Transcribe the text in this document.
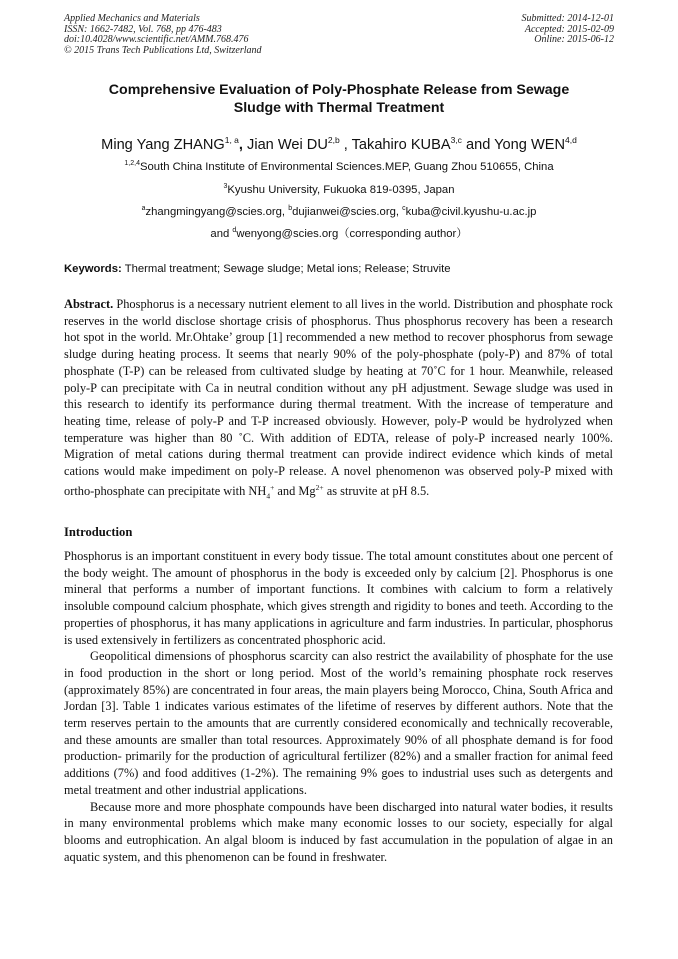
Applied Mechanics and Materials
ISSN: 1662-7482, Vol. 768, pp 476-483
doi:10.4028/www.scientific.net/AMM.768.476
© 2015 Trans Tech Publications Ltd, Switzerland
Submitted: 2014-12-01
Accepted: 2015-02-09
Online: 2015-06-12
Comprehensive Evaluation of Poly-Phosphate Release from Sewage
Sludge with Thermal Treatment
Ming Yang ZHANG$^{1, a}$, Jian Wei DU$^{2,b}$ , Takahiro KUBA$^{3,c}$ and Yong WEN$^{4,d}$
$^{1,2,4}$South China Institute of Environmental Sciences.MEP, Guang Zhou 510655, China
$^3$Kyushu University, Fukuoka 819-0395, Japan
$^a$zhangmingyang@scies.org, $^b$dujianwei@scies.org, $^c$kuba@civil.kyushu-u.ac.jp
and $^d$wenyong@scies.org（corresponding author）
Keywords: Thermal treatment; Sewage sludge; Metal ions; Release; Struvite

Abstract. Phosphorus is a necessary nutrient element to all lives in the world. Distribution and phosphate rock reserves in the world disclose shortage crisis of phosphorus. Thus phosphorus recovery has been a research hot spot in the world. Mr.Ohtake’ group [1] recommended a new method to recover phosphorus from sewage sludge during heating process. It seems that nearly 90% of the poly-phosphate (poly-P) and 87% of total phosphate (T-P) can be released from cultivated sludge by heating at 70˚C for 1 hour. Meanwhile, released poly-P can precipitate with Ca in neutral condition without any pH adjustment. Sewage sludge was used in this research to identify its performance during thermal treatment. With the increase of temperature and heating time, release of poly-P and T-P increased obviously. However, poly-P would be hydrolyzed when temperature was higher than 80 ˚C. With addition of EDTA, release of poly-P increased nearly 100%. Migration of metal cations during thermal treatment can provide indirect evidence which kinds of metal cations would make impediment on poly-P release. A novel phenomenon was observed poly-P mixed with ortho-phosphate can precipitate with $NH_4^+$ and $Mg^{2+}$ as struvite at pH 8.5.

Introduction

Phosphorus is an important constituent in every body tissue. The total amount constitutes about one percent of the body weight. The amount of phosphorus in the body is exceeded only by calcium [2]. Phosphorus is one mineral that performs a number of important functions. It combines with calcium to form a relatively insoluble compound calcium phosphate, which gives strength and rigidity to bones and teeth. According to the properties of phosphorus, it has many applications in agriculture and farm industries. In particular, phosphorus is used extensively in fertilizers as concentrated phosphoric acid.

Geopolitical dimensions of phosphorus scarcity can also restrict the availability of phosphate for the use in food production in the short or long period. Most of the world’s remaining phosphate rock reserves (approximately 85%) are concentrated in four areas, the main players being Morocco, China, South Africa and Jordan [3]. Table 1 indicates various estimates of the lifetime of reserves by different authors. Note that the term reserves pertain to the amounts that are currently considered economically and technically recoverable, and these amounts are smaller than total resources. Approximately 90% of all phosphate demand is for food production- primarily for the production of agricultural fertilizer (82%) and a smaller fraction for animal feed additions (7%) and food additives (1-2%). The remaining 9% goes to industrial uses such as detergents and metal treatment and other industrial applications.

Because more and more phosphate compounds have been discharged into natural water bodies, it results in many environmental problems which make many economic losses to our society, especially for algal blooms and eutrophication. An algal bloom is induced by fast accumulation in the population of algae in an aquatic system, and this phenomenon can be found in freshwater.
